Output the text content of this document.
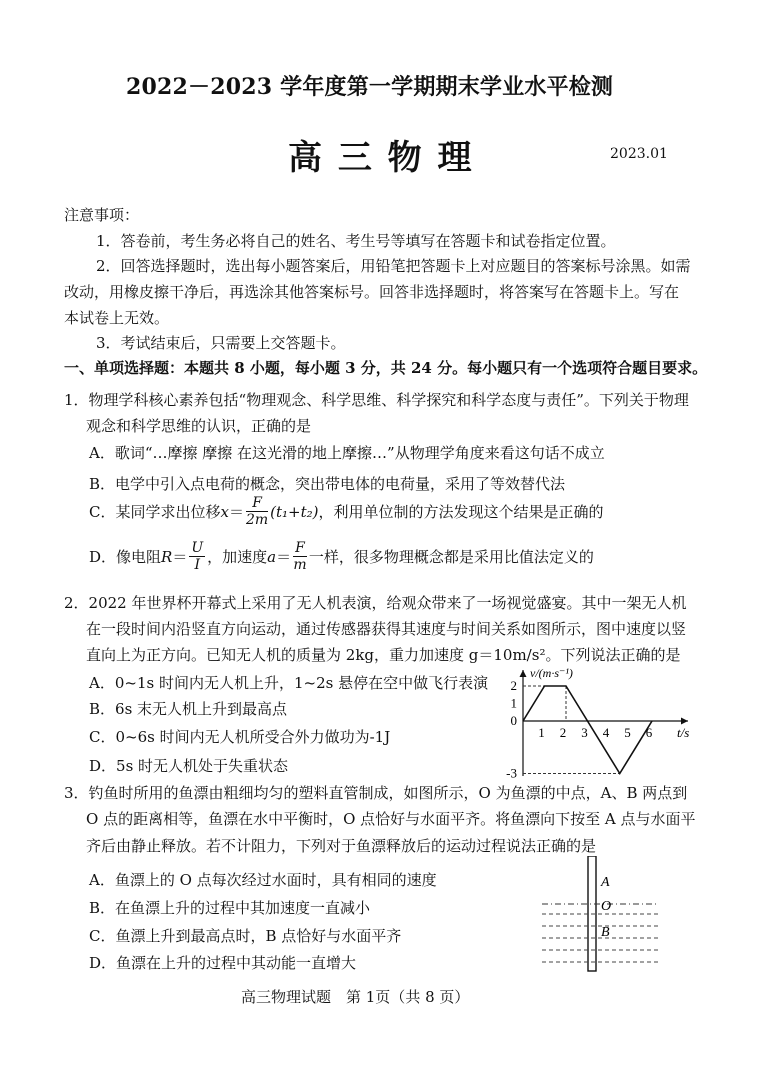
2022－2023 学年度第一学期期末学业水平检测
高 三 物 理	2023.01
注意事项：
1．答卷前，考生务必将自己的姓名、考生号等填写在答题卡和试卷指定位置。
2．回答选择题时，选出每小题答案后，用铅笔把答题卡上对应题目的答案标号涂黑。如需
改动，用橡皮擦干净后，再选涂其他答案标号。回答非选择题时，将答案写在答题卡上。写在
本试卷上无效。
3．考试结束后，只需要上交答题卡。
一、单项选择题：本题共 8 小题，每小题 3 分，共 24 分。每小题只有一个选项符合题目要求。
1．物理学科核心素养包括“物理观念、科学思维、科学探究和科学态度与责任”。下列关于物理
观念和科学思维的认识，正确的是
A．歌词“…摩擦 摩擦 在这光滑的地上摩擦…”从物理学角度来看这句话不成立
B．电学中引入点电荷的概念，突出带电体的电荷量，采用了等效替代法
C．某同学求出位移 $x = \frac{F}{2m} (t_1+t_2)$ ，利用单位制的方法发现这个结果是正确的
D．像电阻 $R = \frac{U}{I}$ ，加速度 $a = \frac{F}{m}$ 一样，很多物理概念都是采用比值法定义的
2．2022 年世界杯开幕式上采用了无人机表演，给观众带来了一场视觉盛宴。其中一架无人机
在一段时间内沿竖直方向运动，通过传感器获得其速度与时间关系如图所示，图中速度以竖
直向上为正方向。已知无人机的质量为 2kg，重力加速度 g＝10m/s²。下列说法正确的是
A．0~1s 时间内无人机上升，1~2s 悬停在空中做飞行表演
B．6s 末无人机上升到最高点
C．0~6s 时间内无人机所受合外力做功为-1J
D．5s 时无人机处于失重状态
2
1
0
-3
1 2 3 4 5 6
v/(m·s⁻¹)
t/s
3．钓鱼时所用的鱼漂由粗细均匀的塑料直管制成，如图所示，O 为鱼漂的中点，A、B 两点到
O 点的距离相等，鱼漂在水中平衡时，O 点恰好与水面平齐。将鱼漂向下按至 A 点与水面平
齐后由静止释放。若不计阻力，下列对于鱼漂释放后的运动过程说法正确的是
A．鱼漂上的 O 点每次经过水面时，具有相同的速度
B．在鱼漂上升的过程中其加速度一直减小
C．鱼漂上升到最高点时，B 点恰好与水面平齐
D．鱼漂在上升的过程中其动能一直增大
A
O
B
高三物理试题　第 1页（共 8 页）
